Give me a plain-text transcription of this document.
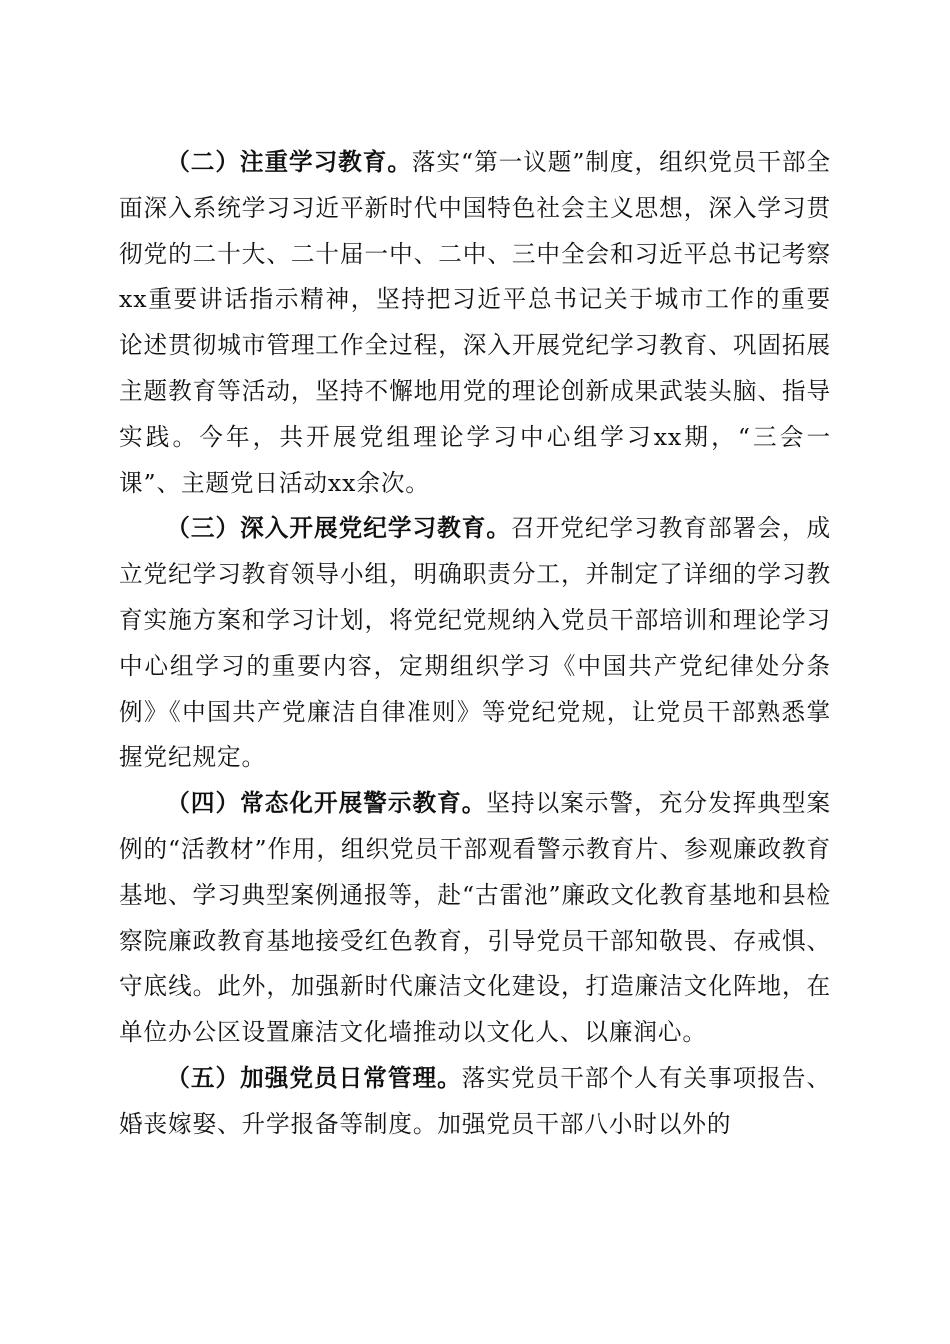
（二）注重学习教育。落实“第一议题”制度，组织党员干部全面深入系统学习习近平新时代中国特色社会主义思想，深入学习贯彻党的二十大、二十届一中、二中、三中全会和习近平总书记考察xx重要讲话指示精神，坚持把习近平总书记关于城市工作的重要论述贯彻城市管理工作全过程，深入开展党纪学习教育、巩固拓展主题教育等活动，坚持不懈地用党的理论创新成果武装头脑、指导实践。今年，共开展党组理论学习中心组学习xx期，“三会一课”、主题党日活动xx余次。

（三）深入开展党纪学习教育。召开党纪学习教育部署会，成立党纪学习教育领导小组，明确职责分工，并制定了详细的学习教育实施方案和学习计划，将党纪党规纳入党员干部培训和理论学习中心组学习的重要内容，定期组织学习《中国共产党纪律处分条例》《中国共产党廉洁自律准则》等党纪党规，让党员干部熟悉掌握党纪规定。

（四）常态化开展警示教育。坚持以案示警，充分发挥典型案例的“活教材”作用，组织党员干部观看警示教育片、参观廉政教育基地、学习典型案例通报等，赴“古雷池”廉政文化教育基地和县检察院廉政教育基地接受红色教育，引导党员干部知敬畏、存戒惧、守底线。此外，加强新时代廉洁文化建设，打造廉洁文化阵地，在单位办公区设置廉洁文化墙推动以文化人、以廉润心。

（五）加强党员日常管理。落实党员干部个人有关事项报告、婚丧嫁娶、升学报备等制度。加强党员干部八小时以外的
